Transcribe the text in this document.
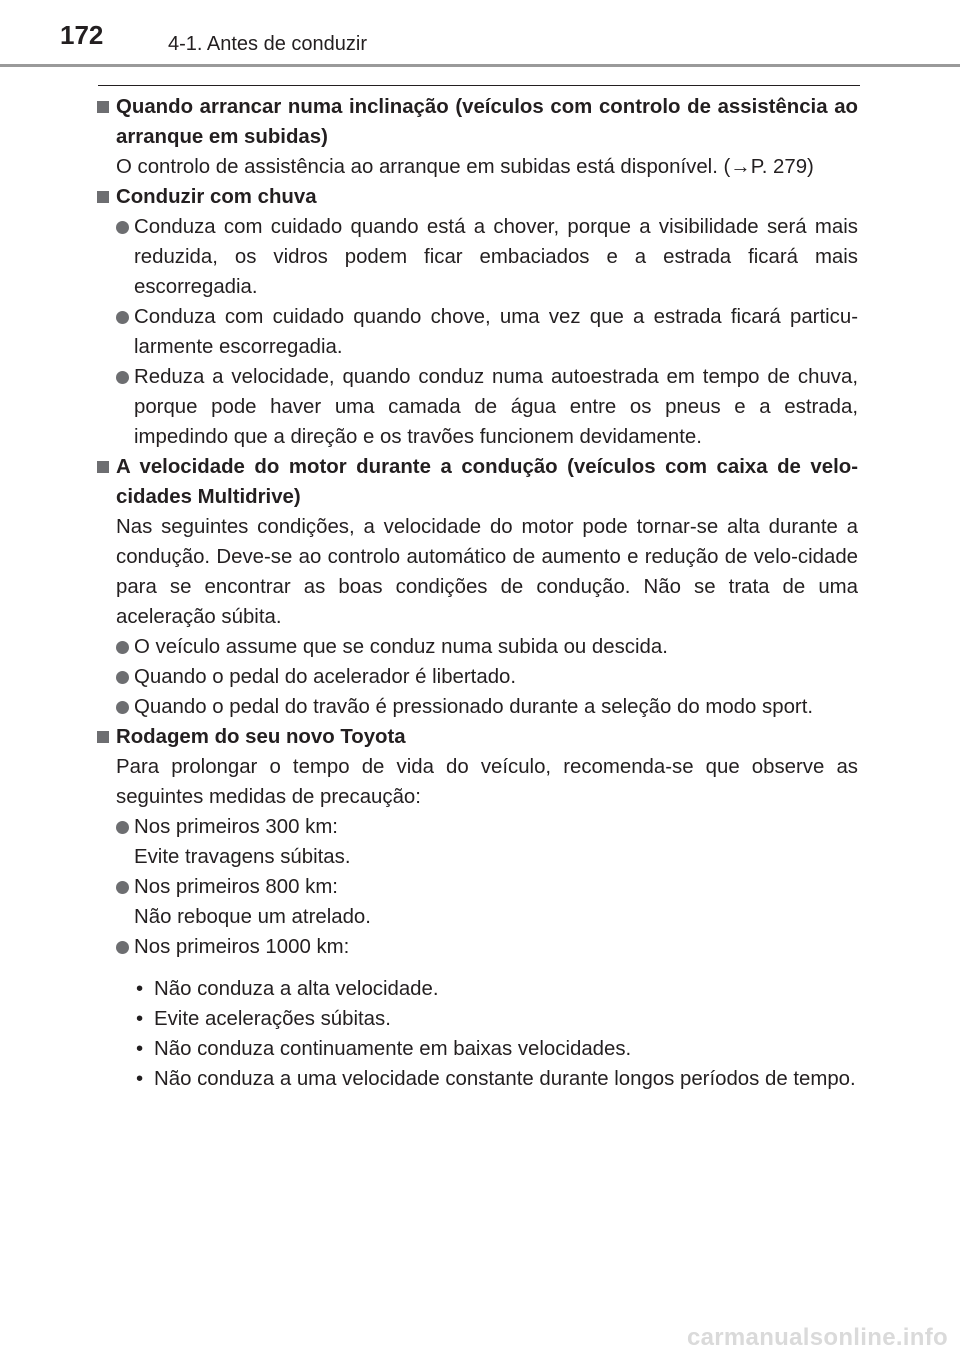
172	4-1. Antes de conduzir

Quando arrancar numa inclinação (veículos com controlo de assistência ao arranque em subidas)

O controlo de assistência ao arranque em subidas está disponível. (→P. 279)

Conduzir com chuva

Conduza com cuidado quando está a chover, porque a visibilidade será mais reduzida, os vidros podem ficar embaciados e a estrada ficará mais escorregadia.

Conduza com cuidado quando chove, uma vez que a estrada ficará particu-larmente escorregadia.

Reduza a velocidade, quando conduz numa autoestrada em tempo de chuva, porque pode haver uma camada de água entre os pneus e a estrada, impedindo que a direção e os travões funcionem devidamente.

A velocidade do motor durante a condução (veículos com caixa de velo-cidades Multidrive)

Nas seguintes condições, a velocidade do motor pode tornar-se alta durante a condução. Deve-se ao controlo automático de aumento e redução de velo-cidade para se encontrar as boas condições de condução. Não se trata de uma aceleração súbita.

O veículo assume que se conduz numa subida ou descida.

Quando o pedal do acelerador é libertado.

Quando o pedal do travão é pressionado durante a seleção do modo sport.

Rodagem do seu novo Toyota

Para prolongar o tempo de vida do veículo, recomenda-se que observe as seguintes medidas de precaução:

Nos primeiros 300 km:
Evite travagens súbitas.

Nos primeiros 800 km:
Não reboque um atrelado.

Nos primeiros 1000 km:

• Não conduza a alta velocidade.

• Evite acelerações súbitas.

• Não conduza continuamente em baixas velocidades.

• Não conduza a uma velocidade constante durante longos períodos de tempo.

carmanualsonline.info
